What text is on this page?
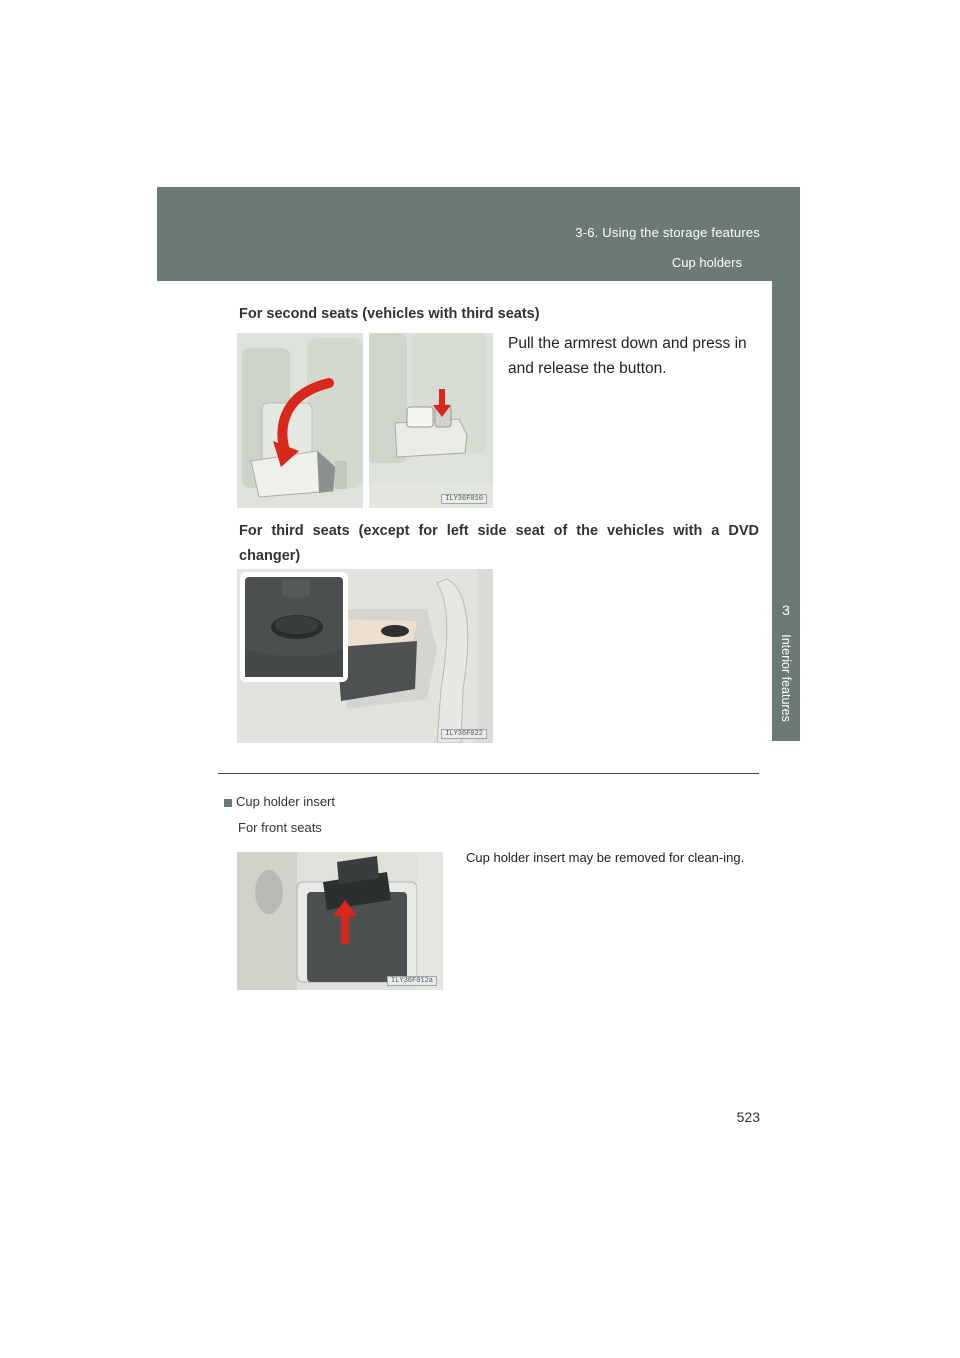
3-6. Using the storage features
Cup holders
3
Interior features
For second seats (vehicles with third seats)
ILY36F010
Pull the armrest down and press in and release the button.
For third seats (except for left side seat of the vehicles with a DVD changer)
ILY36F022
Cup holder insert
For front seats
ILY36F012a
Cup holder insert may be removed for clean-ing.
523
